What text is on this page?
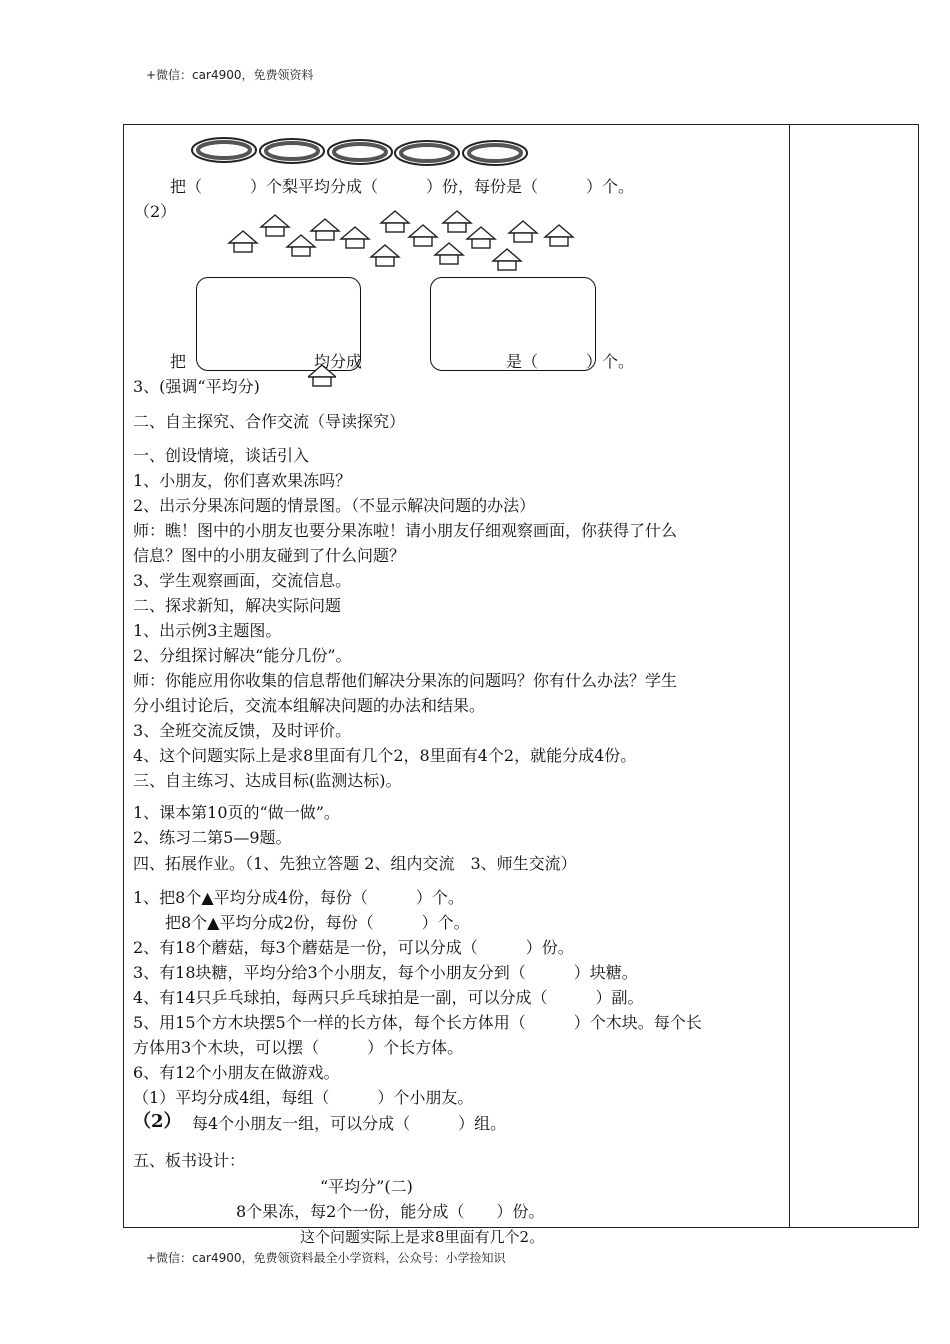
+微信：car4900，免费领资料
把（　　　）个梨平均分成（　　　）份，每份是（　　　）个。
（2）
把　　　　　　　　均分成　　　　　　　　　是（　　　）个。
3、(强调“平均分)
二、自主探究、合作交流（导读探究）
一、创设情境，谈话引入
1、小朋友，你们喜欢果冻吗？
2、出示分果冻问题的情景图。（不显示解决问题的办法）
师：瞧！图中的小朋友也要分果冻啦！请小朋友仔细观察画面，你获得了什么
信息？图中的小朋友碰到了什么问题？
3、学生观察画面，交流信息。
二、探求新知，解决实际问题
1、出示例3主题图。
2、分组探讨解决“能分几份”。
师：你能应用你收集的信息帮他们解决分果冻的问题吗？你有什么办法？学生
分小组讨论后，交流本组解决问题的办法和结果。
3、全班交流反馈，及时评价。
4、这个问题实际上是求8里面有几个2，8里面有4个2，就能分成4份。
三、自主练习、达成目标(监测达标)。
1、课本第10页的“做一做”。
2、练习二第5—9题。
四、拓展作业。（1、先独立答题 2、组内交流　3、师生交流）
1、把8个▲平均分成4份，每份（　　　）个。
　　把8个▲平均分成2份，每份（　　　）个。
2、有18个蘑菇，每3个蘑菇是一份，可以分成（　　　）份。
3、有18块糖，平均分给3个小朋友，每个小朋友分到（　　　）块糖。
4、有14只乒乓球拍，每两只乒乓球拍是一副，可以分成（　　　）副。
5、用15个方木块摆5个一样的长方体，每个长方体用（　　　）个木块。每个长
方体用3个木块，可以摆（　　　）个长方体。
6、有12个小朋友在做游戏。
（1）平均分成4组，每组（　　　）个小朋友。
（2） 每4个小朋友一组，可以分成（　　　）组。
五、板书设计：
“平均分”(二)
8个果冻，每2个一份，能分成（　　）份。
这个问题实际上是求8里面有几个2。
+微信：car4900，免费领资料最全小学资料，公众号：小学捡知识
